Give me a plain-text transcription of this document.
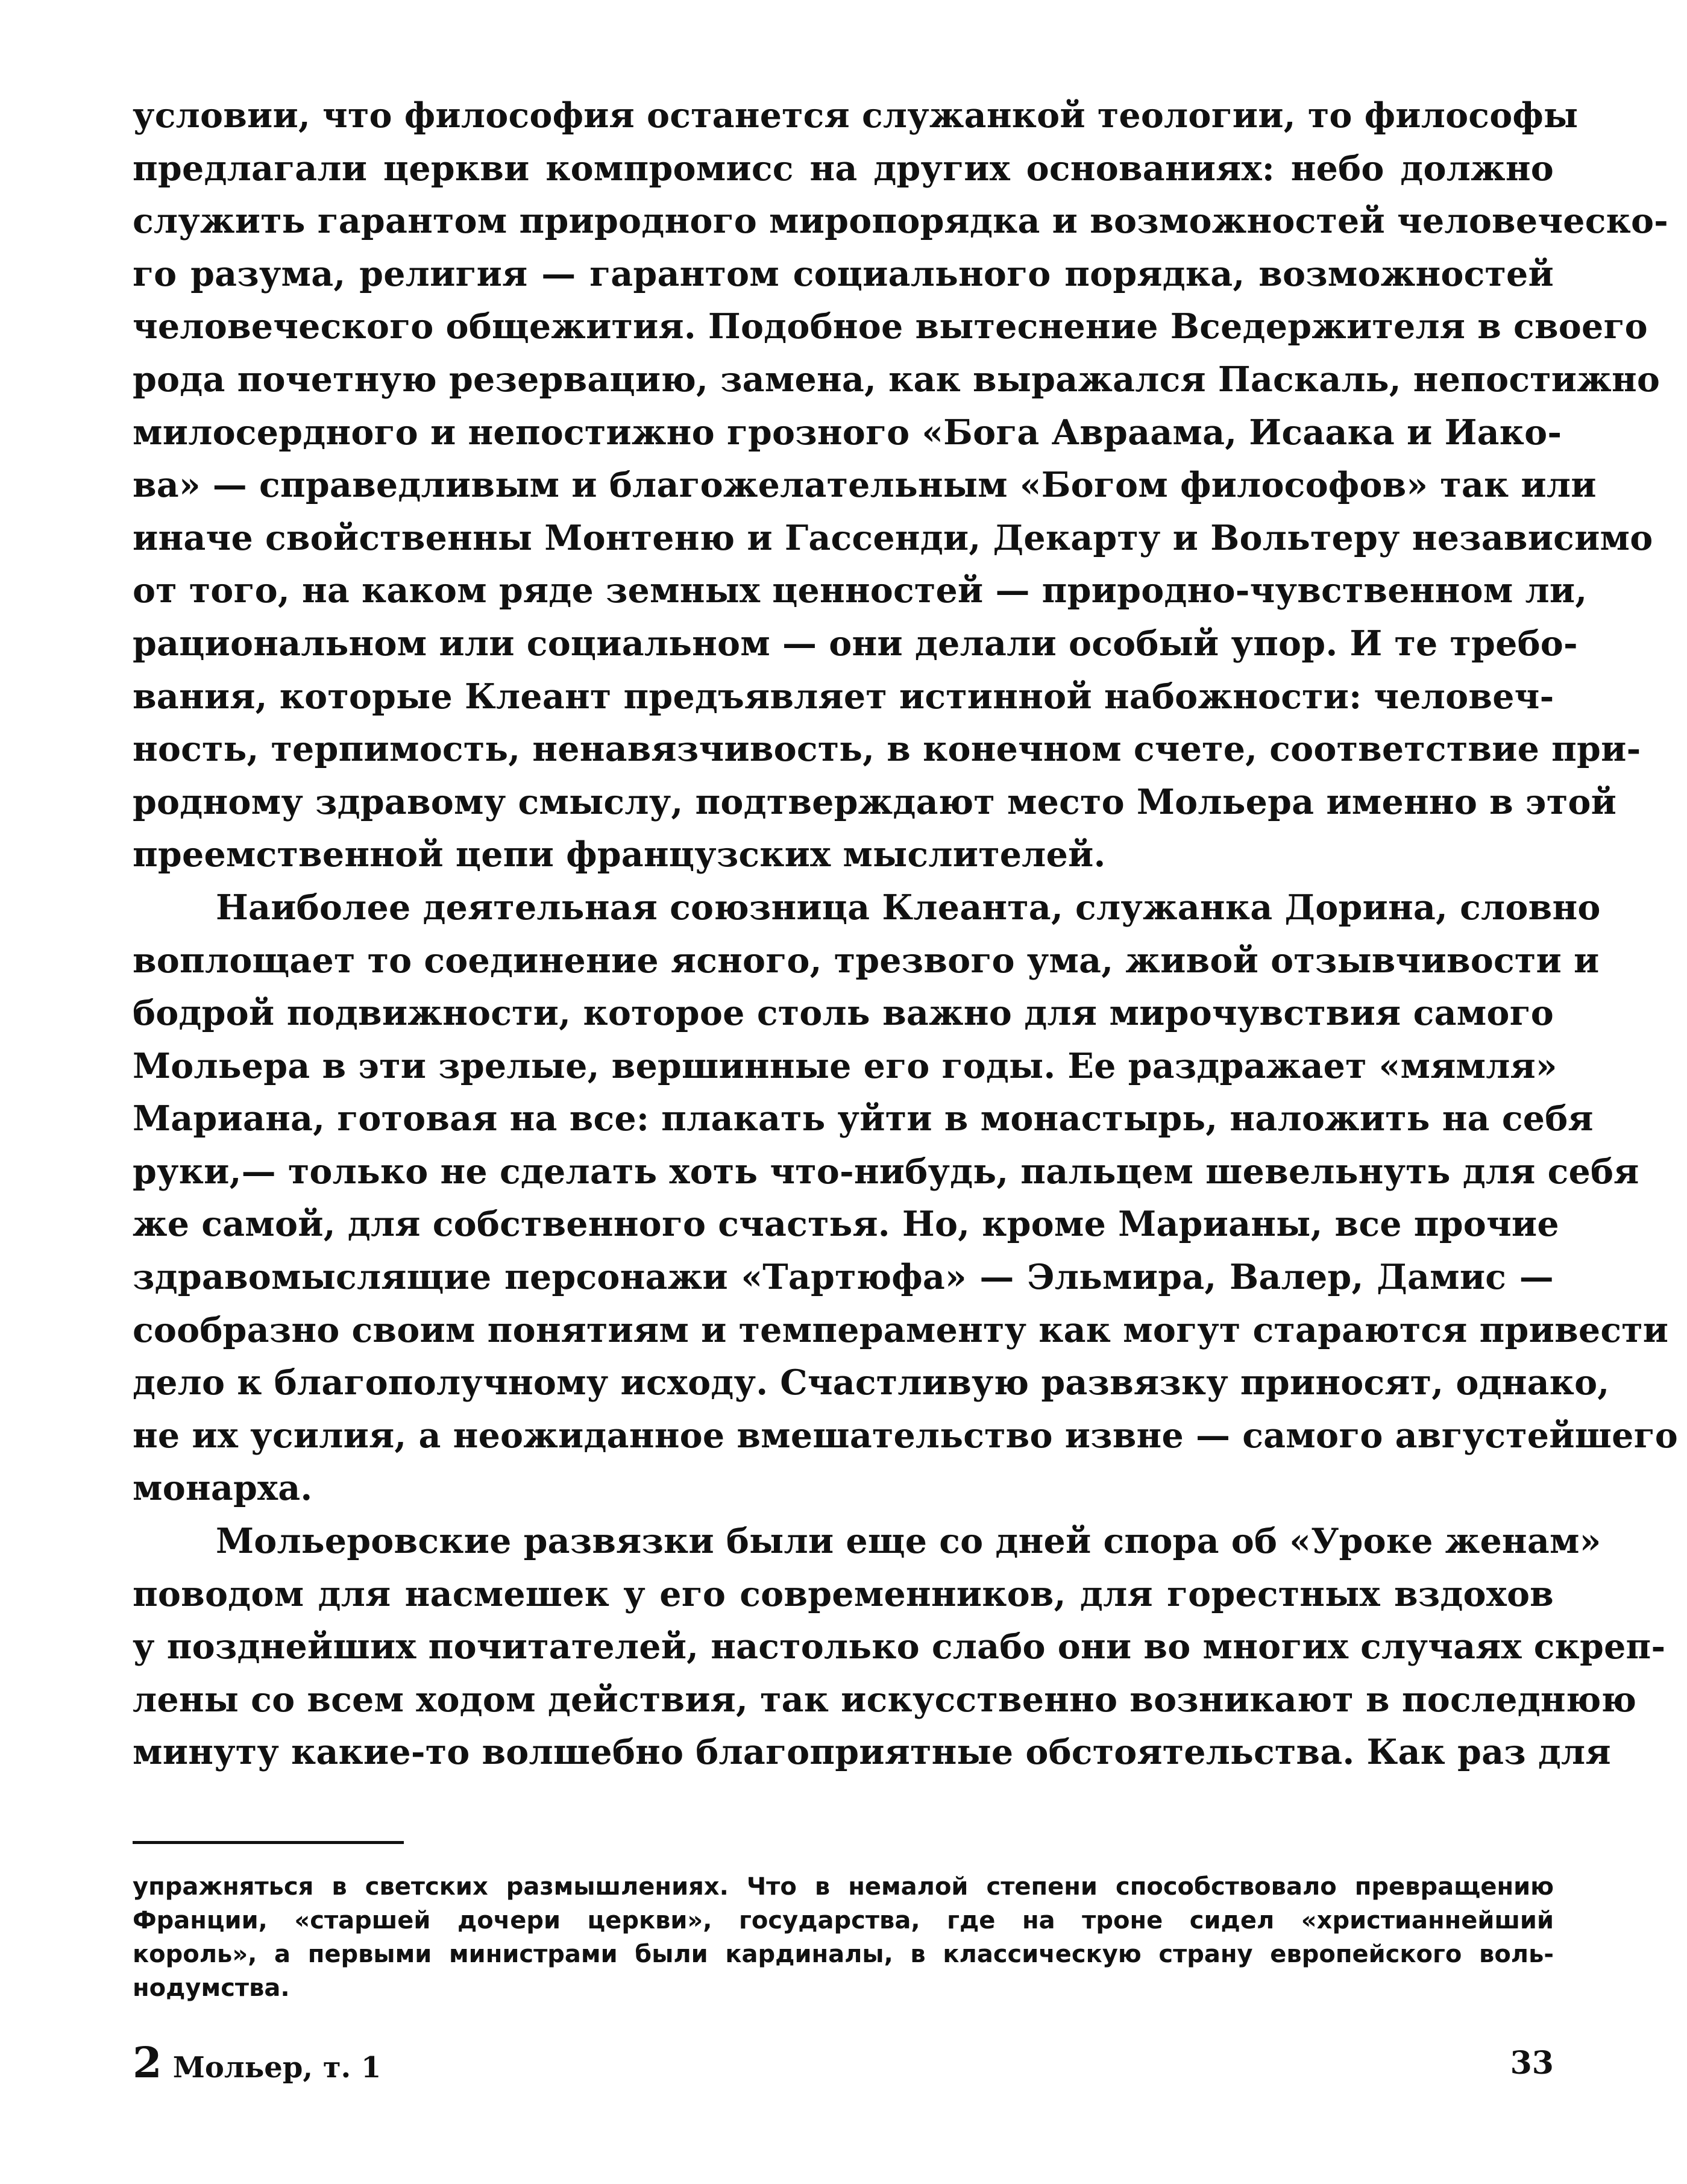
условии, что философия останется служанкой теологии, то философы
предлагали церкви компромисс на других основаниях: небо должно
служить гарантом природного миропорядка и возможностей человеческо-
го разума, религия — гарантом социального порядка, возможностей
человеческого общежития. Подобное вытеснение Вседержителя в своего
рода почетную резервацию, замена, как выражался Паскаль, непостижно
милосердного и непостижно грозного «Бога Авраама, Исаака и Иако-
ва» — справедливым и благожелательным «Богом философов» так или
иначе свойственны Монтеню и Гассенди, Декарту и Вольтеру независимо
от того, на каком ряде земных ценностей — природно-чувственном ли,
рациональном или социальном — они делали особый упор. И те требо-
вания, которые Клеант предъявляет истинной набожности: человеч-
ность, терпимость, ненавязчивость, в конечном счете, соответствие при-
родному здравому смыслу, подтверждают место Мольера именно в этой
преемственной цепи французских мыслителей.
Наиболее деятельная союзница Клеанта, служанка Дорина, словно
воплощает то соединение ясного, трезвого ума, живой отзывчивости и
бодрой подвижности, которое столь важно для мирочувствия самого
Мольера в эти зрелые, вершинные его годы. Ее раздражает «мямля»
Мариана, готовая на все: плакать уйти в монастырь, наложить на себя
руки,— только не сделать хоть что-нибудь, пальцем шевельнуть для себя
же самой, для собственного счастья. Но, кроме Марианы, все прочие
здравомыслящие персонажи «Тартюфа» — Эльмира, Валер, Дамис —
сообразно своим понятиям и темпераменту как могут стараются привести
дело к благополучному исходу. Счастливую развязку приносят, однако,
не их усилия, а неожиданное вмешательство извне — самого августейшего
монарха.
Мольеровские развязки были еще со дней спора об «Уроке женам»
поводом для насмешек у его современников, для горестных вздохов
у позднейших почитателей, настолько слабо они во многих случаях скреп-
лены со всем ходом действия, так искусственно возникают в последнюю
минуту какие-то волшебно благоприятные обстоятельства. Как раз для
упражняться в светских размышлениях. Что в немалой степени способствовало превращению
Франции, «старшей дочери церкви», государства, где на троне сидел «христианнейший
король», а первыми министрами были кардиналы, в классическую страну европейского воль-
нодумства.
2 Мольер, т. 1	33
